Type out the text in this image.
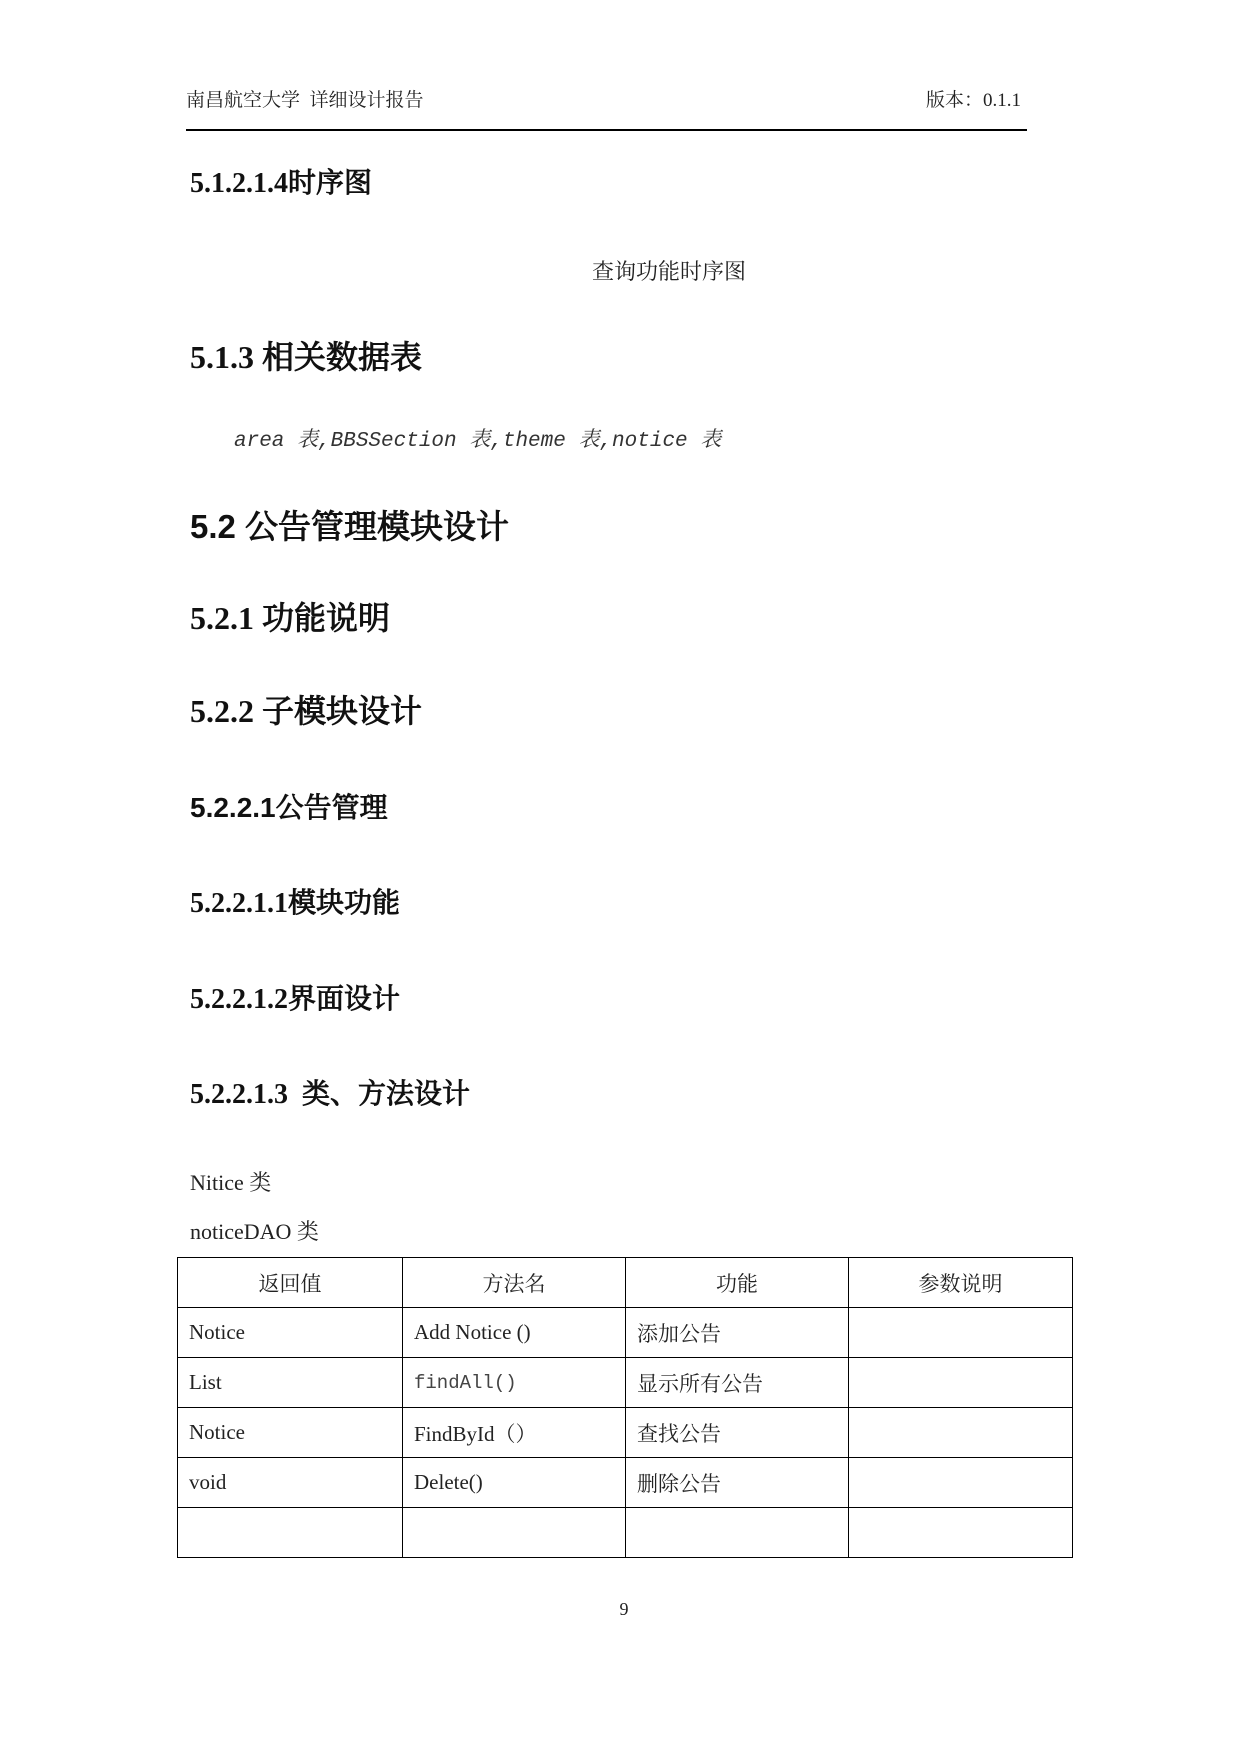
南昌航空大学  详细设计报告	版本：0.1.1
5.1.2.1.4时序图
查询功能时序图
5.1.3 相关数据表
area 表,BBSSection 表,theme 表,notice 表
5.2 公告管理模块设计
5.2.1 功能说明
5.2.2 子模块设计
5.2.2.1公告管理
5.2.2.1.1模块功能
5.2.2.1.2界面设计
5.2.2.1.3  类、方法设计
Nitice 类
noticeDAO 类
返回值	方法名	功能	参数说明
Notice	Add Notice ()	添加公告	
List	findAll()	显示所有公告	
Notice	FindById（）	查找公告	
void	Delete()	删除公告	

9
